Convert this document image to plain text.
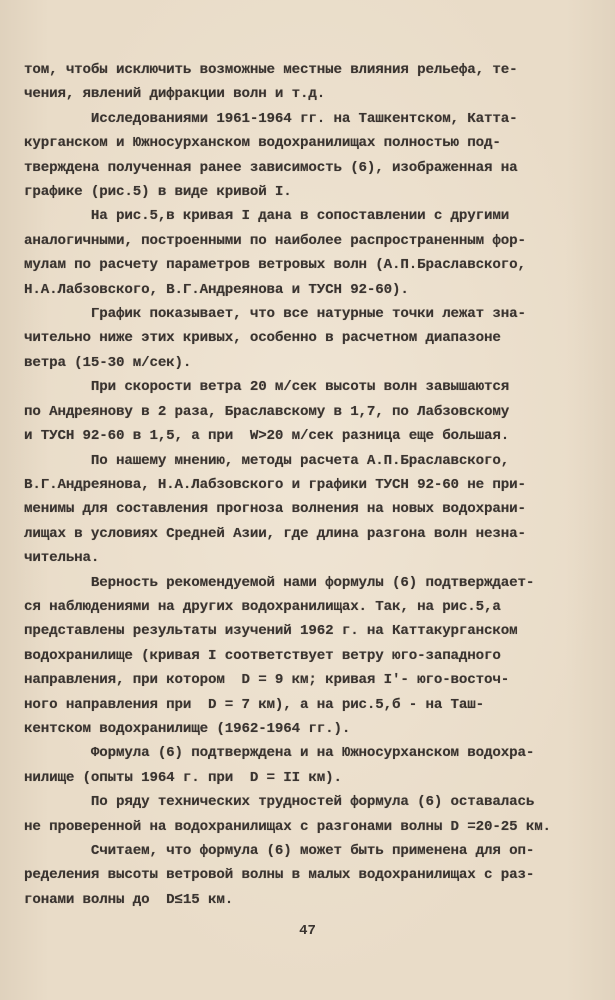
том, чтобы исключить возможные местные влияния рельефа, те-
чения, явлений дифракции волн и т.д.
Исследованиями 1961-1964 гг. на Ташкентском, Катта-
курганском и Южносурханском водохранилищах полностью под-
тверждена полученная ранее зависимость (6), изображенная на
графике (рис.5) в виде кривой I.
На рис.5,в кривая I дана в сопоставлении с другими
аналогичными, построенными по наиболее распространенным фор-
мулам по расчету параметров ветровых волн (А.П.Браславского,
Н.А.Лабзовского, В.Г.Андреянова и ТУСН 92-60).
График показывает, что все натурные точки лежат зна-
чительно ниже этих кривых, особенно в расчетном диапазоне
ветра (15-30 м/сек).
При скорости ветра 20 м/сек высоты волн завышаются
по Андреянову в 2 раза, Браславскому в 1,7, по Лабзовскому
и ТУСН 92-60 в 1,5, а при  W>20 м/сек разница еще большая.
По нашему мнению, методы расчета А.П.Браславского,
В.Г.Андреянова, Н.А.Лабзовского и графики ТУСН 92-60 не при-
менимы для составления прогноза волнения на новых водохрани-
лищах в условиях Средней Азии, где длина разгона волн незна-
чительна.
Верность рекомендуемой нами формулы (6) подтверждает-
ся наблюдениями на других водохранилищах. Так, на рис.5,а
представлены результаты изучений 1962 г. на Каттакурганском
водохранилище (кривая I соответствует ветру юго-западного
направления, при котором  D = 9 км; кривая I'- юго-восточ-
ного направления при  D = 7 км), а на рис.5,б - на Таш-
кентском водохранилище (1962-1964 гг.).
Формула (6) подтверждена и на Южносурханском водохра-
нилище (опыты 1964 г. при  D = II км).
По ряду технических трудностей формула (6) оставалась
не проверенной на водохранилищах с разгонами волны D =20-25 км.
Считаем, что формула (6) может быть применена для оп-
ределения высоты ветровой волны в малых водохранилищах с раз-
гонами волны до  D≤15 км.
47
